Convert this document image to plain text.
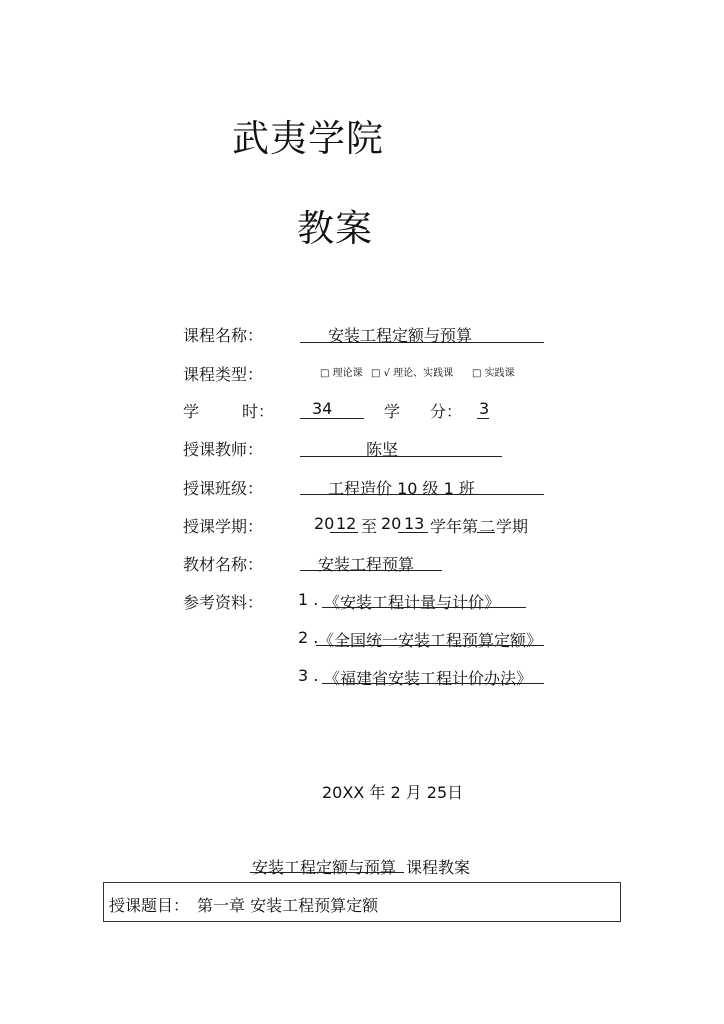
武夷学院
教案
课程名称：	安装工程定额与预算
课程类型：	□ 理论课 □ √ 理论、实践课 □ 实践课
学	时： 34	学 分： 3
授课教师：	陈坚
授课班级：	工程造价 10 级 1 班
授课学期：	20 12 至 20 13 学年第 二 学期
教材名称：	安装工程预算
参考资料： 1 . 《安装工程计量与计价》
2 . 《全国统一安装工程预算定额》
3 . 《福建省安装工程计价办法》
20XX 年 2 月 25日
安装工程定额与预算 课程教案
授课题目： 第一章 安装工程预算定额
